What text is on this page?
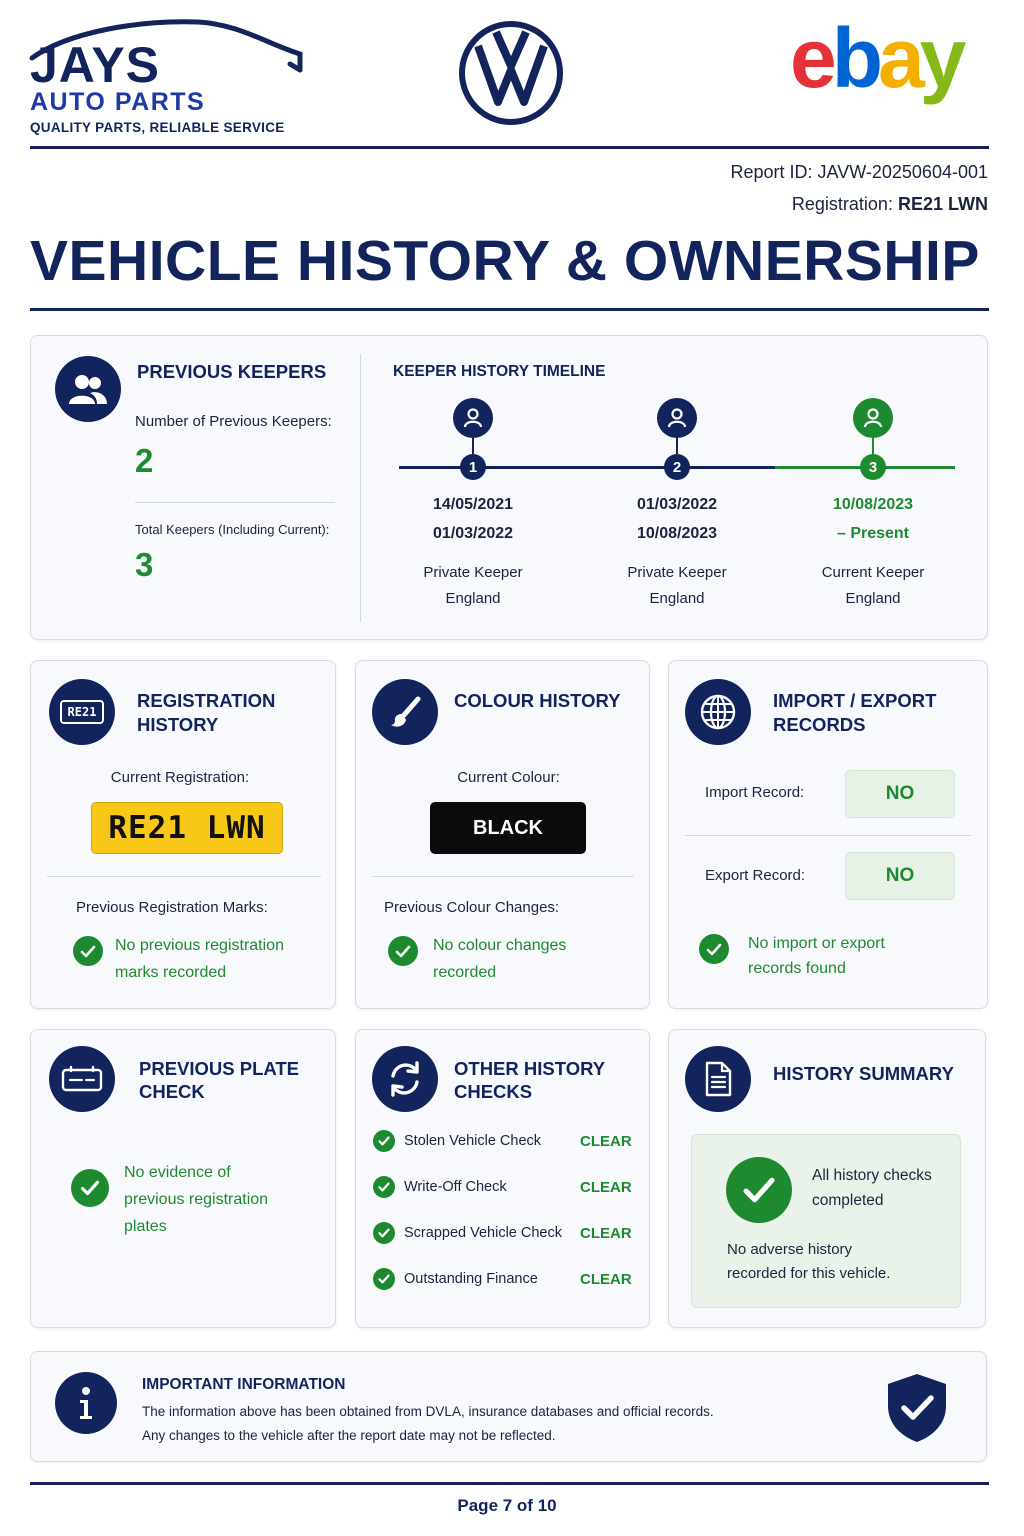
JAYS
AUTO PARTS
QUALITY PARTS, RELIABLE SERVICE
ebay
Report ID: JAVW-20250604-001
Registration: RE21 LWN
VEHICLE HISTORY & OWNERSHIP
PREVIOUS KEEPERS
Number of Previous Keepers:
2
Total Keepers (Including Current):
3
KEEPER HISTORY TIMELINE
1
14/05/2021
01/03/2022
Private Keeper
England
2
01/03/2022
10/08/2023
Private Keeper
England
3
10/08/2023
– Present
Current Keeper
England
RE21
REGISTRATION
HISTORY
Current Registration:
RE21 LWN
Previous Registration Marks:
No previous registration
marks recorded
COLOUR HISTORY
Current Colour:
BLACK
Previous Colour Changes:
No colour changes
recorded
IMPORT / EXPORT
RECORDS
Import Record:	NO
Export Record:	NO
No import or export
records found
PREVIOUS PLATE
CHECK
No evidence of
previous registration
plates
OTHER HISTORY
CHECKS
Stolen Vehicle Check	CLEAR
Write-Off Check	CLEAR
Scrapped Vehicle Check	CLEAR
Outstanding Finance	CLEAR
HISTORY SUMMARY
All history checks
completed
No adverse history
recorded for this vehicle.
IMPORTANT INFORMATION
The information above has been obtained from DVLA, insurance databases and official records.
Any changes to the vehicle after the report date may not be reflected.
Page 7 of 10
